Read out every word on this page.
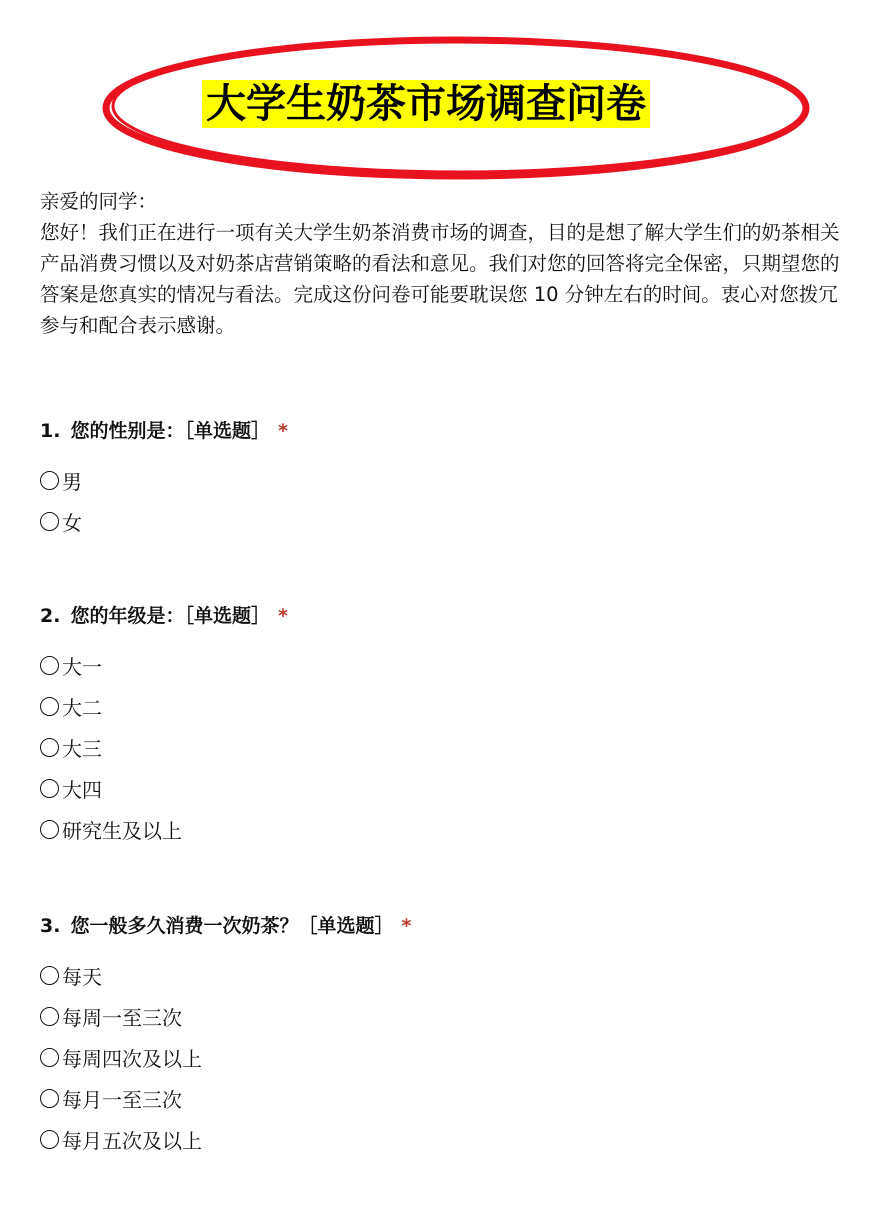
大学生奶茶市场调查问卷

亲爱的同学：

您好！我们正在进行一项有关大学生奶茶消费市场的调查，目的是想了解大学生们的奶茶相关产品消费习惯以及对奶茶店营销策略的看法和意见。我们对您的回答将完全保密，只期望您的答案是您真实的情况与看法。完成这份问卷可能要耽误您 10 分钟左右的时间。衷心对您拨冗参与和配合表示感谢。

1. 您的性别是：［单选题］ *
男
女
2. 您的年级是：［单选题］ *
大一
大二
大三
大四
研究生及以上
3. 您一般多久消费一次奶茶？［单选题］ *
每天
每周一至三次
每周四次及以上
每月一至三次
每月五次及以上
